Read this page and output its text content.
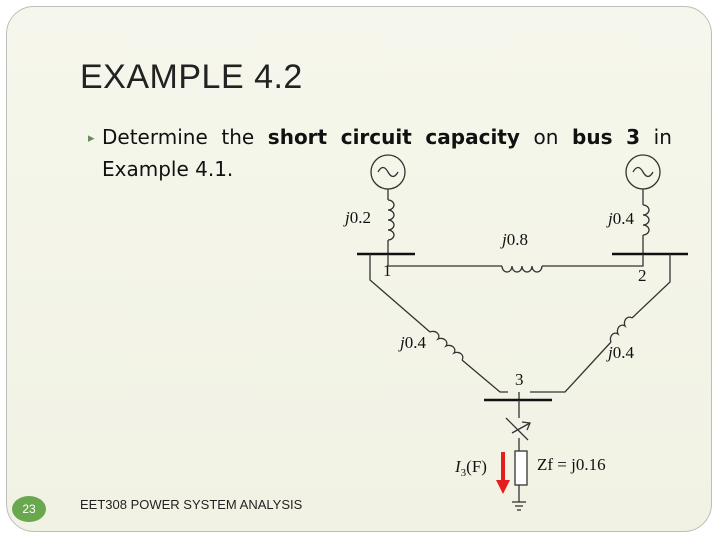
EXAMPLE 4.2
▸ Determine the short circuit capacity on bus 3 in
Example 4.1.
j0.2	j0.4
1	2
j0.8
j0.4
j0.4
3
$I_3(F)$	Zf = j0.16
23	EET308 POWER SYSTEM ANALYSIS
